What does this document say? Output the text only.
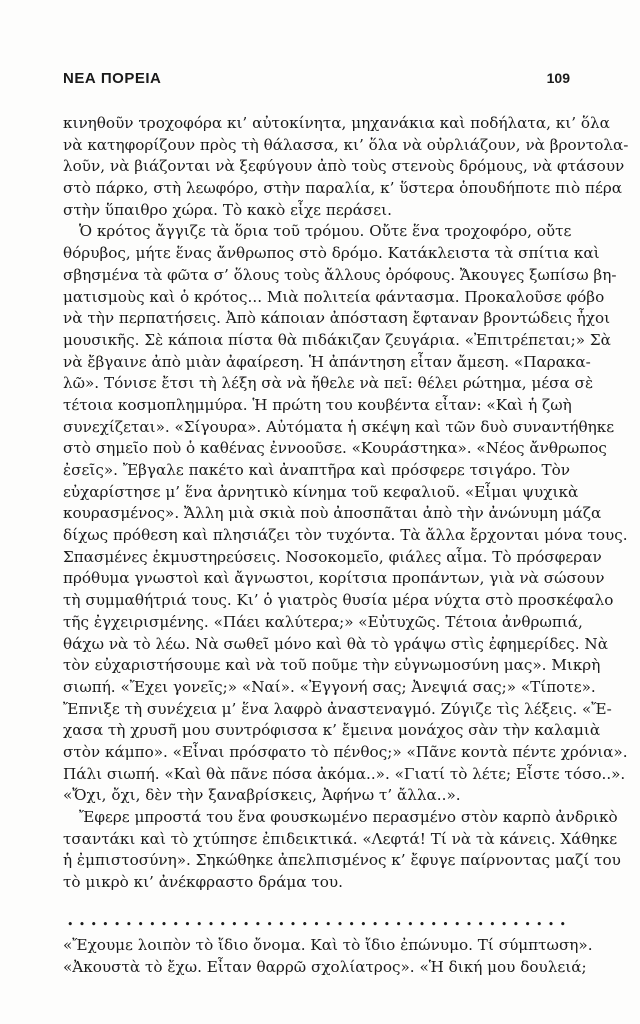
ΝΕΑ ΠΟΡΕΙΑ	109
κινηθοῦν τροχοφόρα κι’ αὐτοκίνητα, μηχανάκια καὶ ποδήλατα, κι’ ὅλα
νὰ κατηφορίζουν πρὸς τὴ θάλασσα, κι’ ὅλα νὰ οὐρλιάζουν, νὰ βροντολα-
λοῦν, νὰ βιάζονται νὰ ξεφύγουν ἀπὸ τοὺς στενοὺς δρόμους, νὰ φτάσουν
στὸ πάρκο, στὴ λεωφόρο, στὴν παραλία, κ’ ὕστερα ὁπουδήποτε πιὸ πέρα
στὴν ὕπαιθρο χώρα. Τὸ κακὸ εἶχε περάσει.
Ὁ κρότος ἄγγιζε τὰ ὅρια τοῦ τρόμου. Οὔτε ἕνα τροχοφόρο, οὔτε
θόρυβος, μήτε ἕνας ἄνθρωπος στὸ δρόμο. Κατάκλειστα τὰ σπίτια καὶ
σβησμένα τὰ φῶτα σ’ ὅλους τοὺς ἄλλους ὀρόφους. Ἄκουγες ξωπίσω βη-
ματισμοὺς καὶ ὁ κρότος... Μιὰ πολιτεία φάντασμα. Προκαλοῦσε φόβο
νὰ τὴν περπατήσεις. Ἀπὸ κάποιαν ἀπόσταση ἔφταναν βροντώδεις ἦχοι
μουσικῆς. Σὲ κάποια πίστα θὰ πιδάκιζαν ζευγάρια. «Ἐπιτρέπεται;» Σὰ
νὰ ἔβγαινε ἀπὸ μιὰν ἀφαίρεση. Ἡ ἀπάντηση εἶταν ἄμεση. «Παρακα-
λῶ». Τόνισε ἔτσι τὴ λέξη σὰ νὰ ἤθελε νὰ πεῖ: θέλει ρώτημα, μέσα σὲ
τέτοια κοσμοπλημμύρα. Ἡ πρώτη του κουβέντα εἶταν: «Καὶ ἡ ζωὴ
συνεχίζεται». «Σίγουρα». Αὐτόματα ἡ σκέψη καὶ τῶν δυὸ συναντήθηκε
στὸ σημεῖο ποὺ ὁ καθένας ἐννοοῦσε. «Κουράστηκα». «Νέος ἄνθρωπος
ἐσεῖς». Ἔβγαλε πακέτο καὶ ἀναπτῆρα καὶ πρόσφερε τσιγάρο. Τὸν
εὐχαρίστησε μ’ ἕνα ἀρνητικὸ κίνημα τοῦ κεφαλιοῦ. «Εἶμαι ψυχικὰ
κουρασμένος». Ἄλλη μιὰ σκιὰ ποὺ ἀποσπᾶται ἀπὸ τὴν ἀνώνυμη μάζα
δίχως πρόθεση καὶ πλησιάζει τὸν τυχόντα. Τὰ ἄλλα ἔρχονται μόνα τους.
Σπασμένες ἐκμυστηρεύσεις. Νοσοκομεῖο, φιάλες αἷμα. Τὸ πρόσφεραν
πρόθυμα γνωστοὶ καὶ ἄγνωστοι, κορίτσια προπάντων, γιὰ νὰ σώσουν
τὴ συμμαθήτριά τους. Κι’ ὁ γιατρὸς θυσία μέρα νύχτα στὸ προσκέφαλο
τῆς ἐγχειρισμένης. «Πάει καλύτερα;» «Εὐτυχῶς. Τέτοια ἀνθρωπιά,
θάχω νὰ τὸ λέω. Νὰ σωθεῖ μόνο καὶ θὰ τὸ γράψω στὶς ἐφημερίδες. Νὰ
τὸν εὐχαριστήσουμε καὶ νὰ τοῦ ποῦμε τὴν εὐγνωμοσύνη μας». Μικρὴ
σιωπή. «Ἔχει γονεῖς;» «Ναί». «Ἐγγονή σας; Ἀνεψιά σας;» «Τίποτε».
Ἔπνιξε τὴ συνέχεια μ’ ἕνα λαφρὸ ἀναστεναγμό. Ζύγιζε τὶς λέξεις. «Ἔ-
χασα τὴ χρυσῆ μου συντρόφισσα κ’ ἔμεινα μονάχος σὰν τὴν καλαμιὰ
στὸν κάμπο». «Εἶναι πρόσφατο τὸ πένθος;» «Πᾶνε κοντὰ πέντε χρόνια».
Πάλι σιωπή. «Καὶ θὰ πᾶνε πόσα ἀκόμα..». «Γιατί τὸ λέτε; Εἶστε τόσο..».
«Ὄχι, ὄχι, δὲν τὴν ξαναβρίσκεις, Ἀφήνω τ’ ἄλλα..».
Ἔφερε μπροστά του ἕνα φουσκωμένο περασμένο στὸν καρπὸ ἀνδρικὸ
τσαντάκι καὶ τὸ χτύπησε ἐπιδεικτικά. «Λεφτά! Τί νὰ τὰ κάνεις. Χάθηκε
ἡ ἐμπιστοσύνη». Σηκώθηκε ἀπελπισμένος κ’ ἔφυγε παίρνοντας μαζί του
τὸ μικρὸ κι’ ἀνέκφραστο δράμα του.
• • • • • • • • • • • • • • • • • • • • • • • • • • • • • • • • • • • • • • • • • • •
«Ἔχουμε λοιπὸν τὸ ἴδιο ὄνομα. Καὶ τὸ ἴδιο ἐπώνυμο. Τί σύμπτωση».
«Ἀκουστὰ τὸ ἔχω. Εἶταν θαρρῶ σχολίατρος». «Ἡ δική μου δουλειά;
